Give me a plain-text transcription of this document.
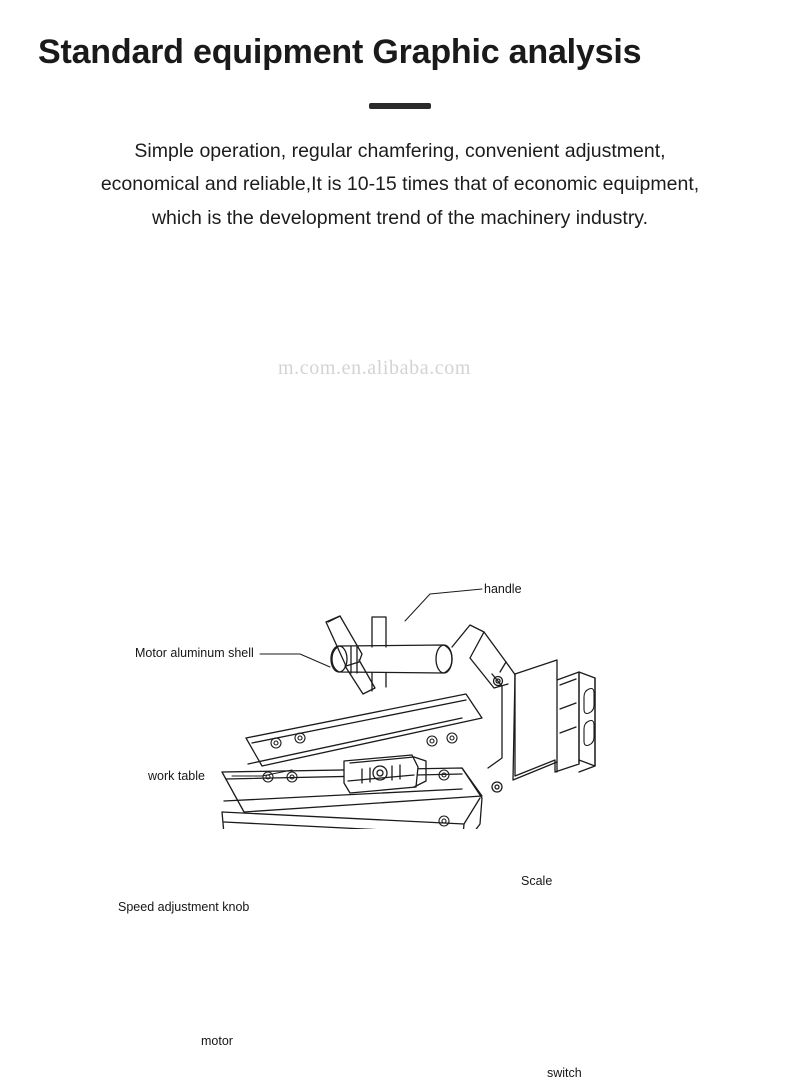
Standard equipment Graphic analysis
Simple operation, regular chamfering, convenient adjustment,
economical and reliable,It is 10-15 times that of economic equipment,
which is the development trend of the machinery industry.
m.com.en.alibaba.com
handle
Motor aluminum shell
work table
Scale
Speed adjustment knob
motor
switch
